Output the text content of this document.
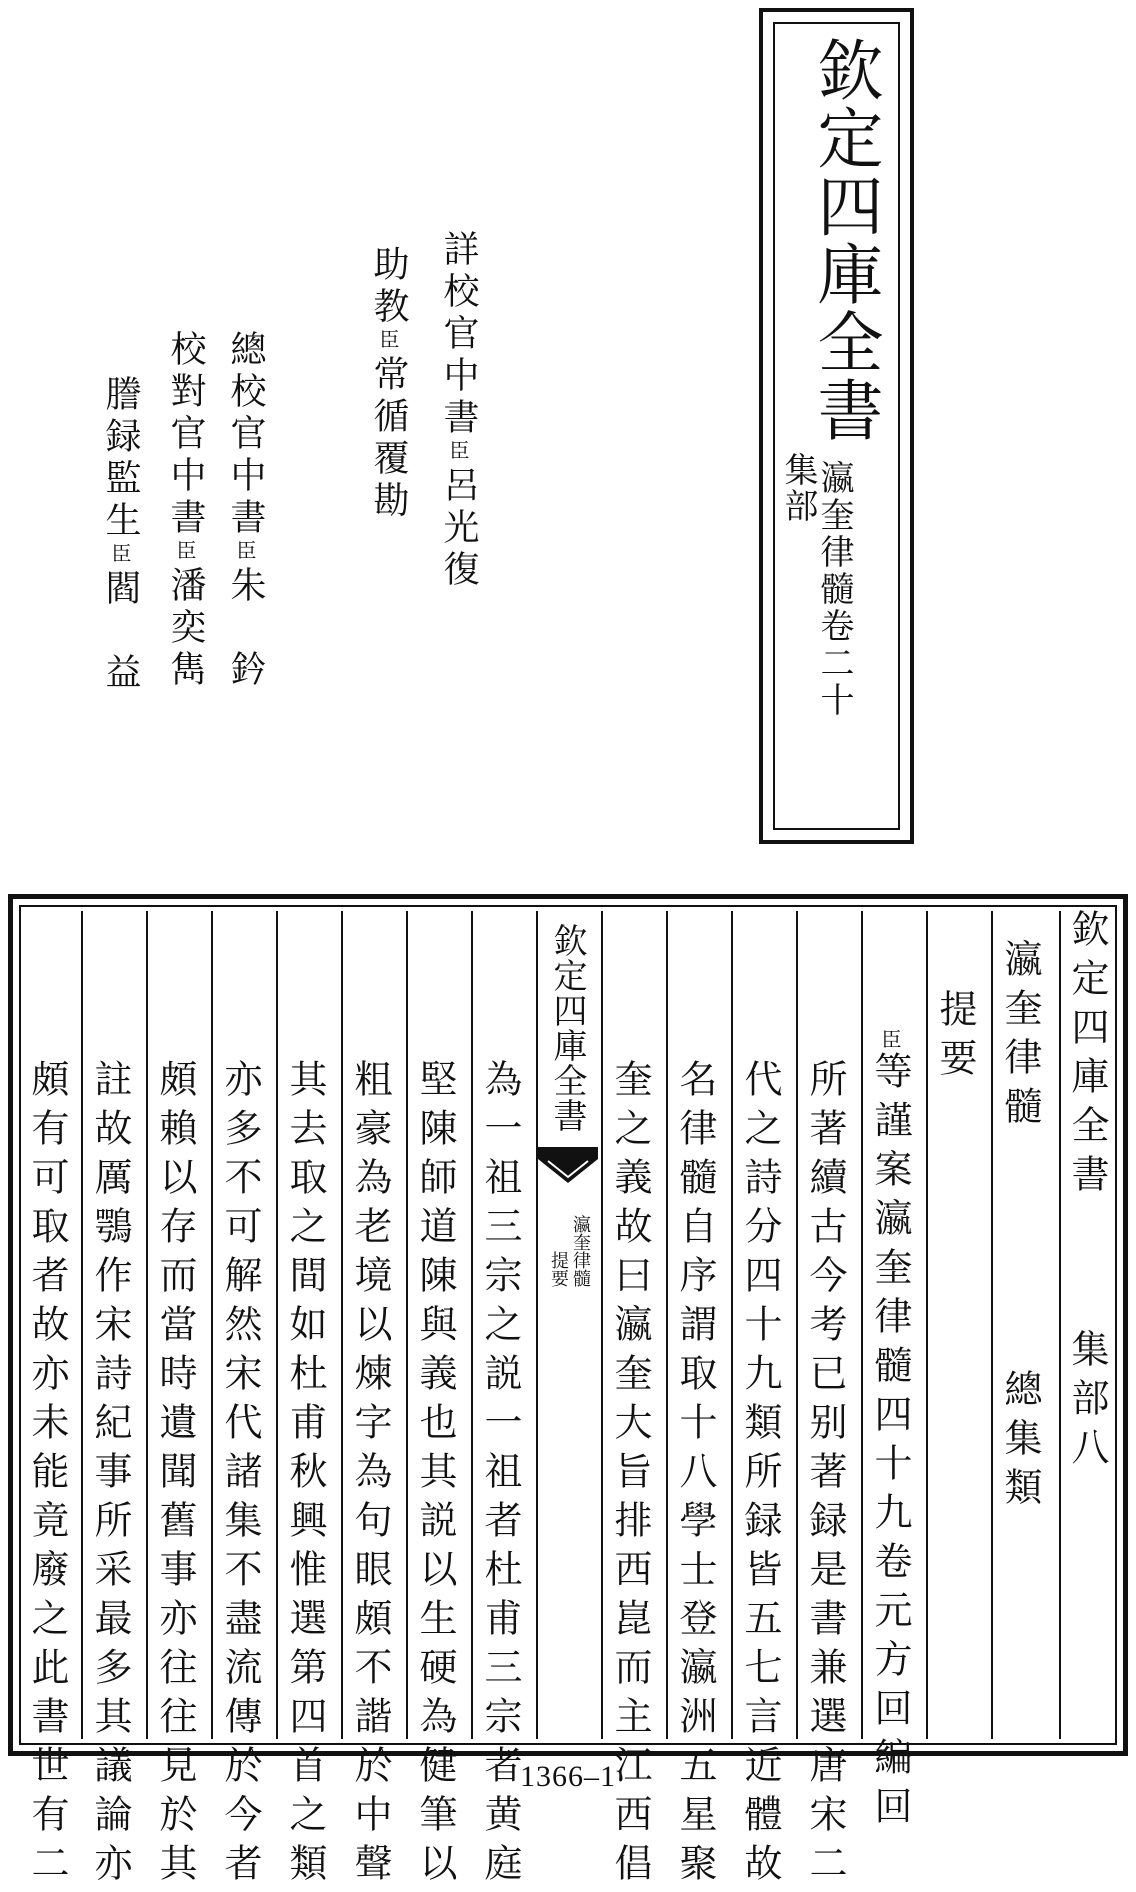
欽定四庫全書
集部
瀛奎律髓卷二十
詳校官中書臣呂光復
助教臣常循覆勘
總校官中書臣朱　鈐
校對官中書臣潘奕雋
謄録監生臣閻　益
欽定四庫全書
集部八
瀛奎律髓
總集類
提要
臣等謹案瀛奎律髓四十九卷元方回編回
所著續古今考已别著録是書兼選唐宋二
代之詩分四十九類所録皆五七言近體故
名律髓自序謂取十八學士登瀛洲五星聚
奎之義故曰瀛奎大旨排西崑而主江西倡
欽定四庫全書
瀛奎律髓
提要
為一祖三宗之説一祖者杜甫三宗者黄庭
堅陳師道陳與義也其説以生硬為健筆以
粗豪為老境以煉字為句眼頗不諧於中聲
其去取之間如杜甫秋興惟選第四首之類
亦多不可解然宋代諸集不盡流傳於今者
頗賴以存而當時遺聞舊事亦往往見於其
註故厲鶚作宋詩紀事所采最多其議論亦
頗有可取者故亦未能竟廢之此書世有二	1366–1
